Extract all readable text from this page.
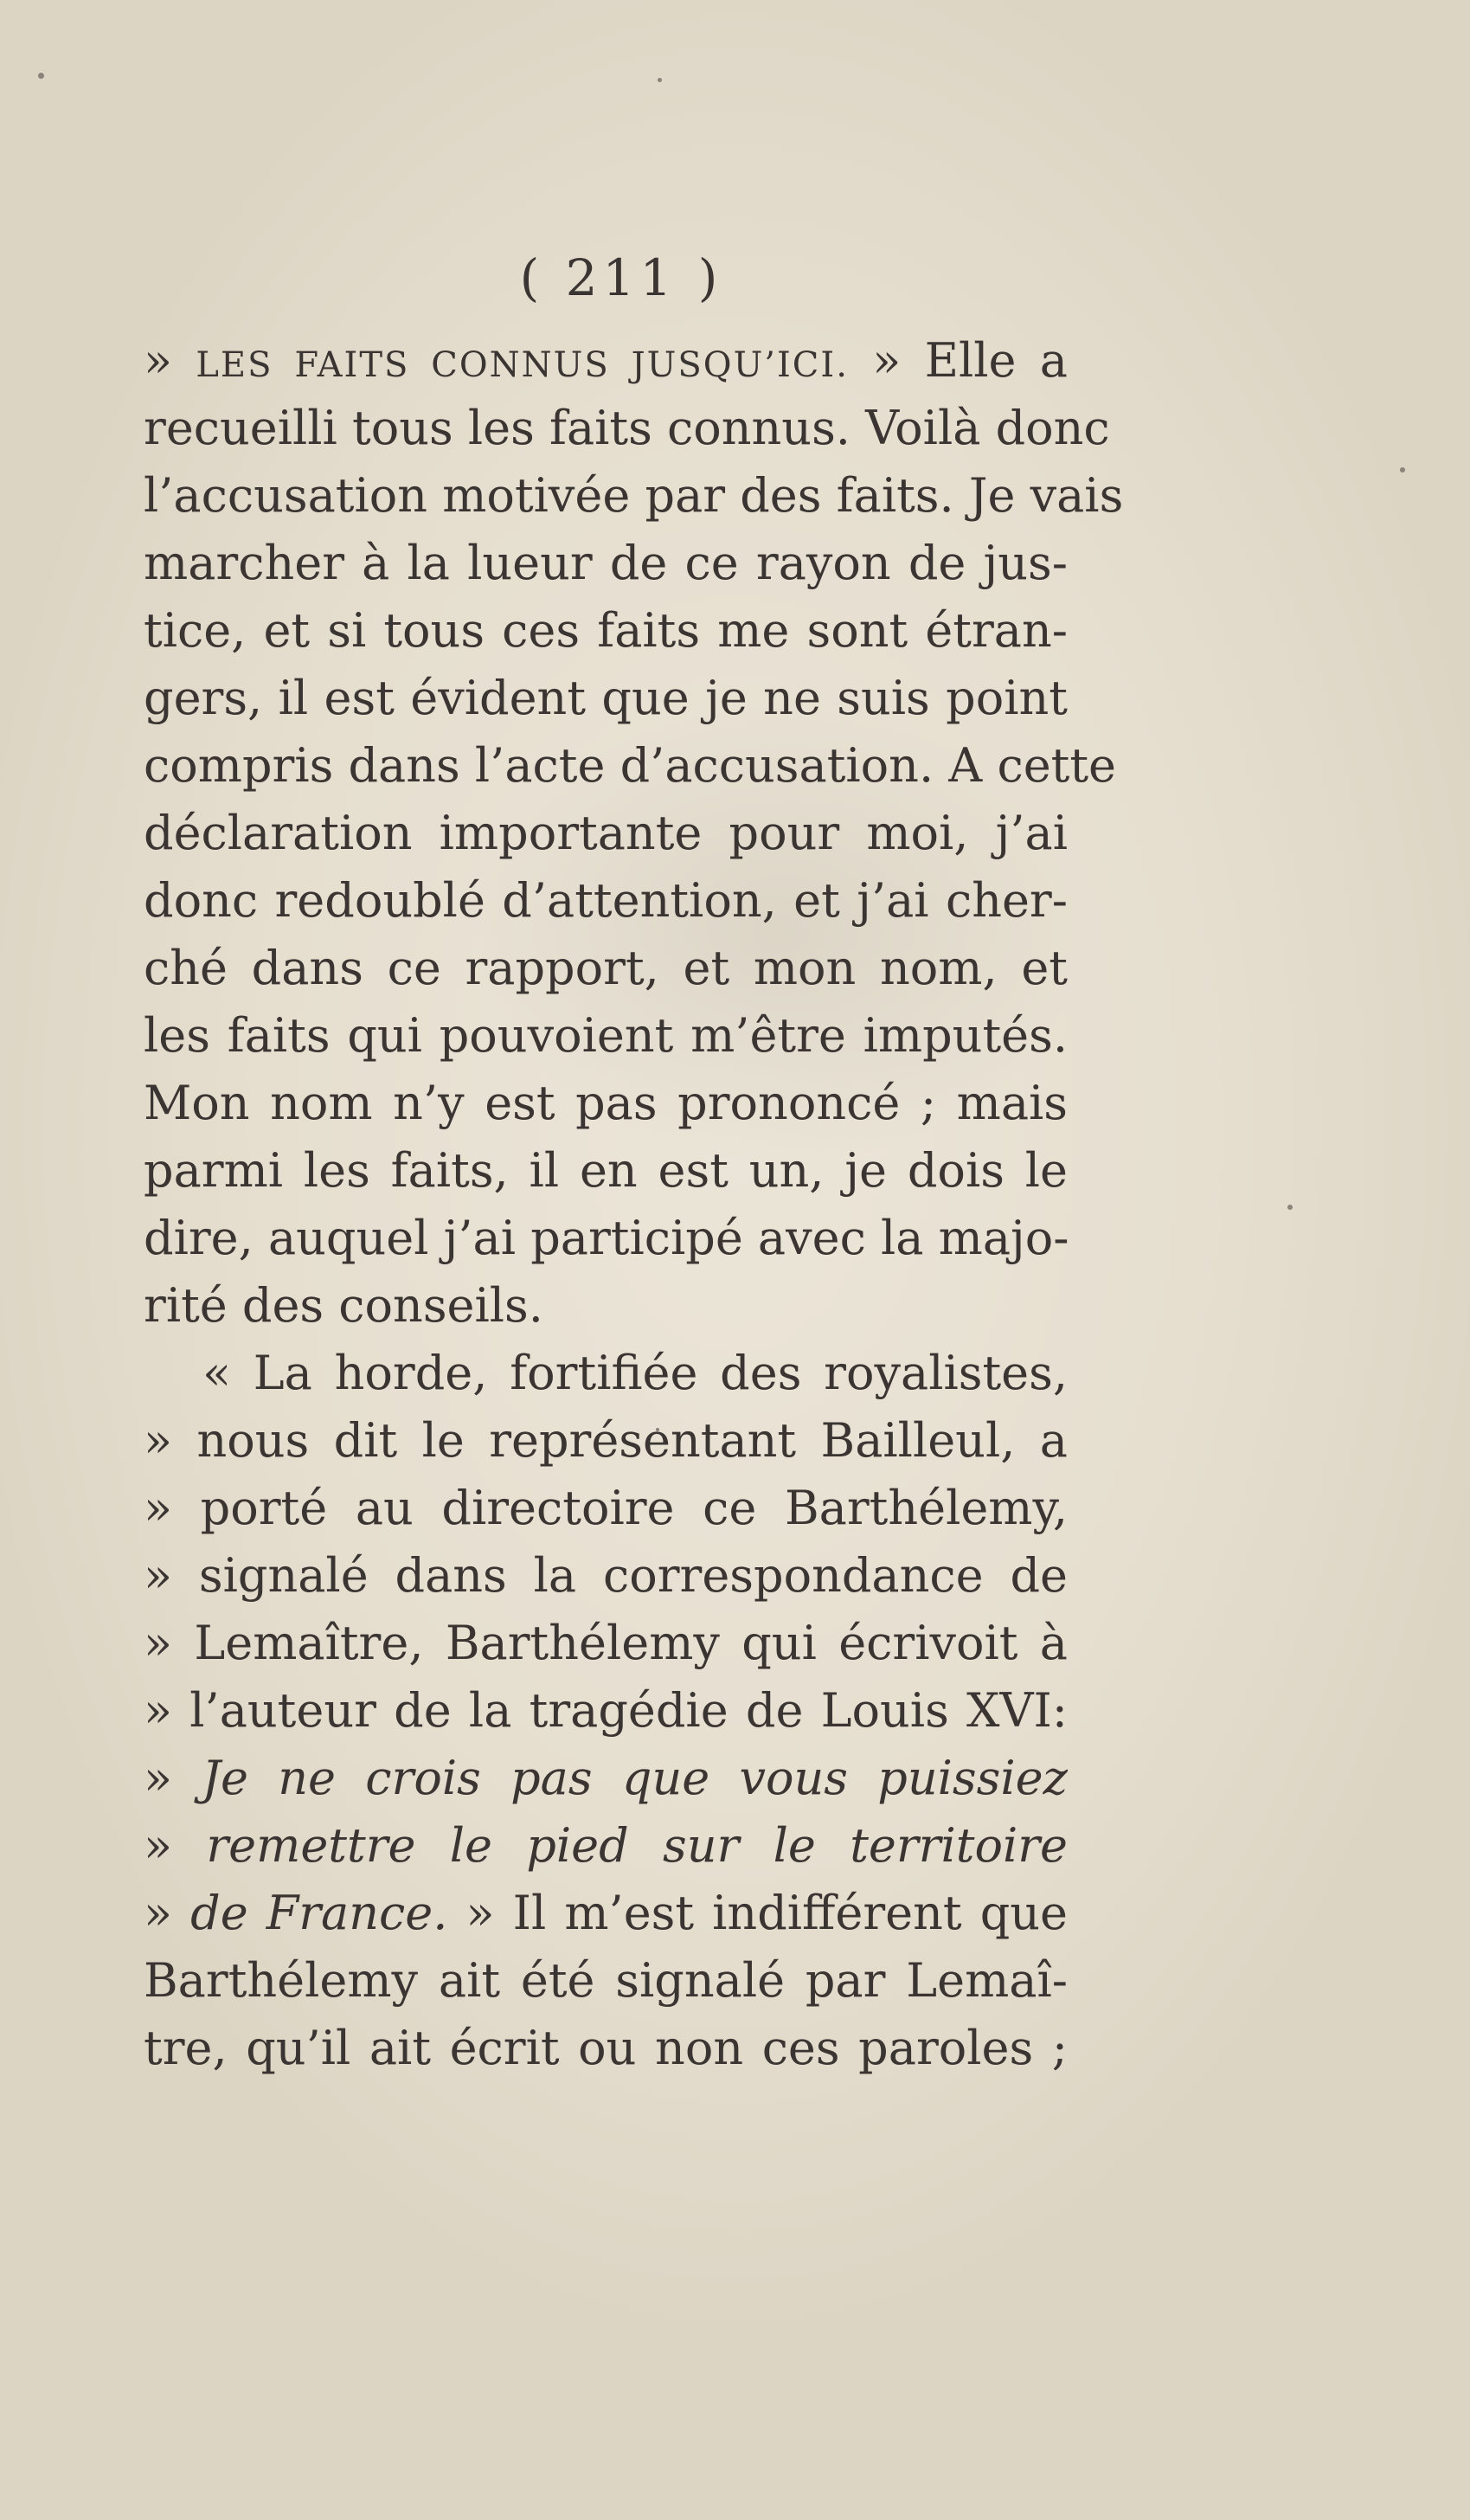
( 211 )
» LES FAITS CONNUS JUSQU’ICI. » Elle a
recueilli tous les faits connus. Voilà donc
l’accusation motivée par des faits. Je vais
marcher à la lueur de ce rayon de jus-
tice, et si tous ces faits me sont étran-
gers, il est évident que je ne suis point
compris dans l’acte d’accusation. A cette
déclaration importante pour moi, j’ai
donc redoublé d’attention, et j’ai cher-
ché dans ce rapport, et mon nom, et
les faits qui pouvoient m’être imputés.
Mon nom n’y est pas prononcé ; mais
parmi les faits, il en est un, je dois le
dire, auquel j’ai participé avec la majo-
rité des conseils.
« La horde, fortifiée des royalistes,
» nous dit le représentant Bailleul, a
» porté au directoire ce Barthélemy,
» signalé dans la correspondance de
» Lemaître, Barthélemy qui écrivoit à
» l’auteur de la tragédie de Louis XVI:
» Je ne crois pas que vous puissiez
» remettre le pied sur le territoire
» de France. » Il m’est indifférent que
Barthélemy ait été signalé par Lemaî-
tre, qu’il ait écrit ou non ces paroles ;
